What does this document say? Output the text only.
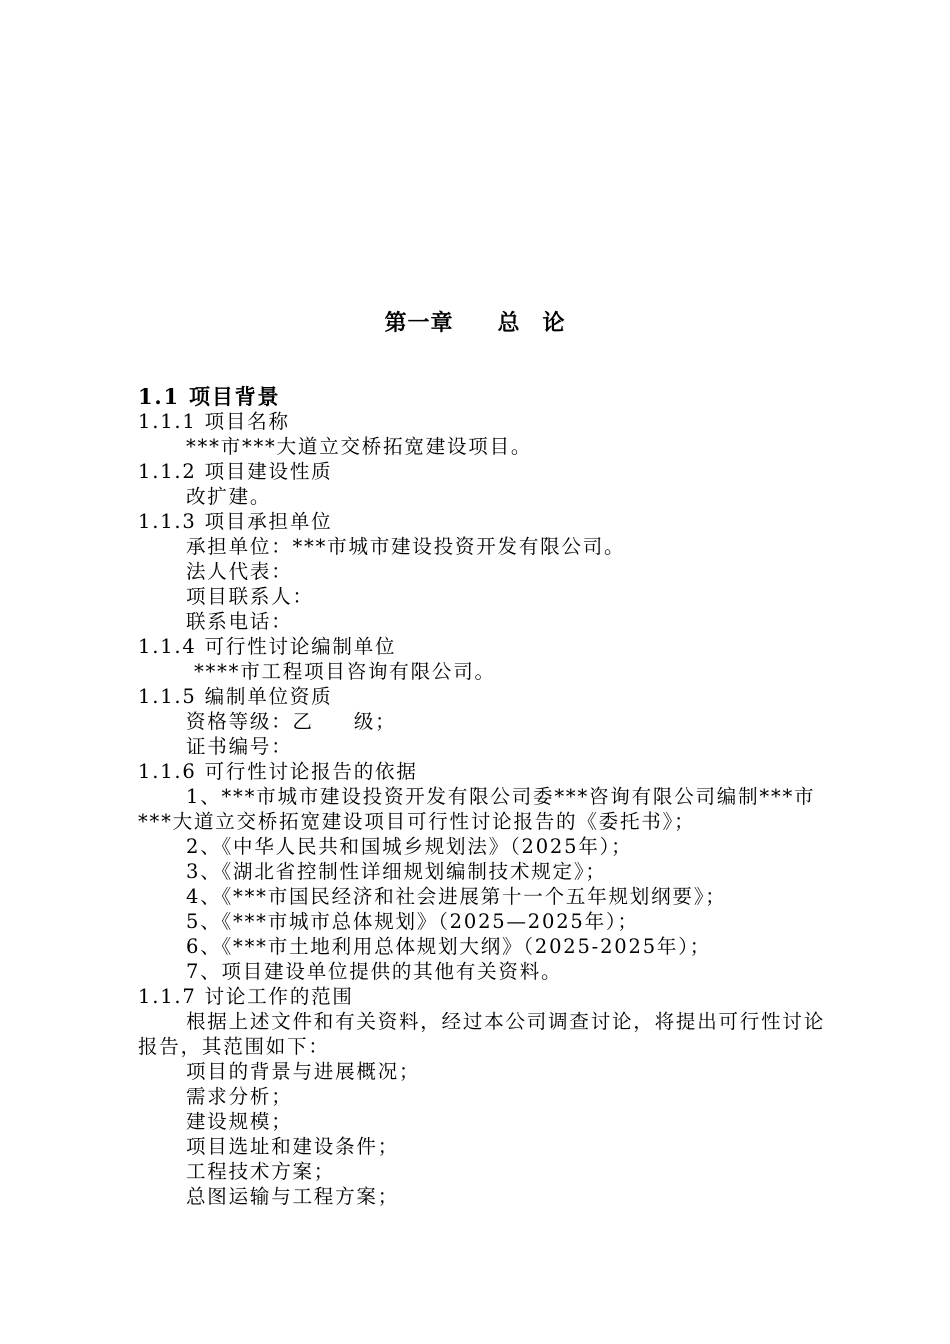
第一章 总 论
1.1 项目背景
1.1.1 项目名称
***市***大道立交桥拓宽建设项目。
1.1.2 项目建设性质
改扩建。
1.1.3 项目承担单位
承担单位：***市城市建设投资开发有限公司。
法人代表：
项目联系人：
联系电话：
1.1.4 可行性讨论编制单位
****市工程项目咨询有限公司。
1.1.5 编制单位资质
资格等级：乙 级；
证书编号：
1.1.6 可行性讨论报告的依据
1、***市城市建设投资开发有限公司委***咨询有限公司编制***市***大道立交桥拓宽建设项目可行性讨论报告的《委托书》；
2、《中华人民共和国城乡规划法》（2025年）；
3、《湖北省控制性详细规划编制技术规定》；
4、《***市国民经济和社会进展第十一个五年规划纲要》；
5、《***市城市总体规划》（2025—2025年）；
6、《***市土地利用总体规划大纲》（2025-2025年）；
7、项目建设单位提供的其他有关资料。
1.1.7 讨论工作的范围
根据上述文件和有关资料，经过本公司调查讨论，将提出可行性讨论报告，其范围如下：
项目的背景与进展概况；
需求分析；
建设规模；
项目选址和建设条件；
工程技术方案；
总图运输与工程方案；
